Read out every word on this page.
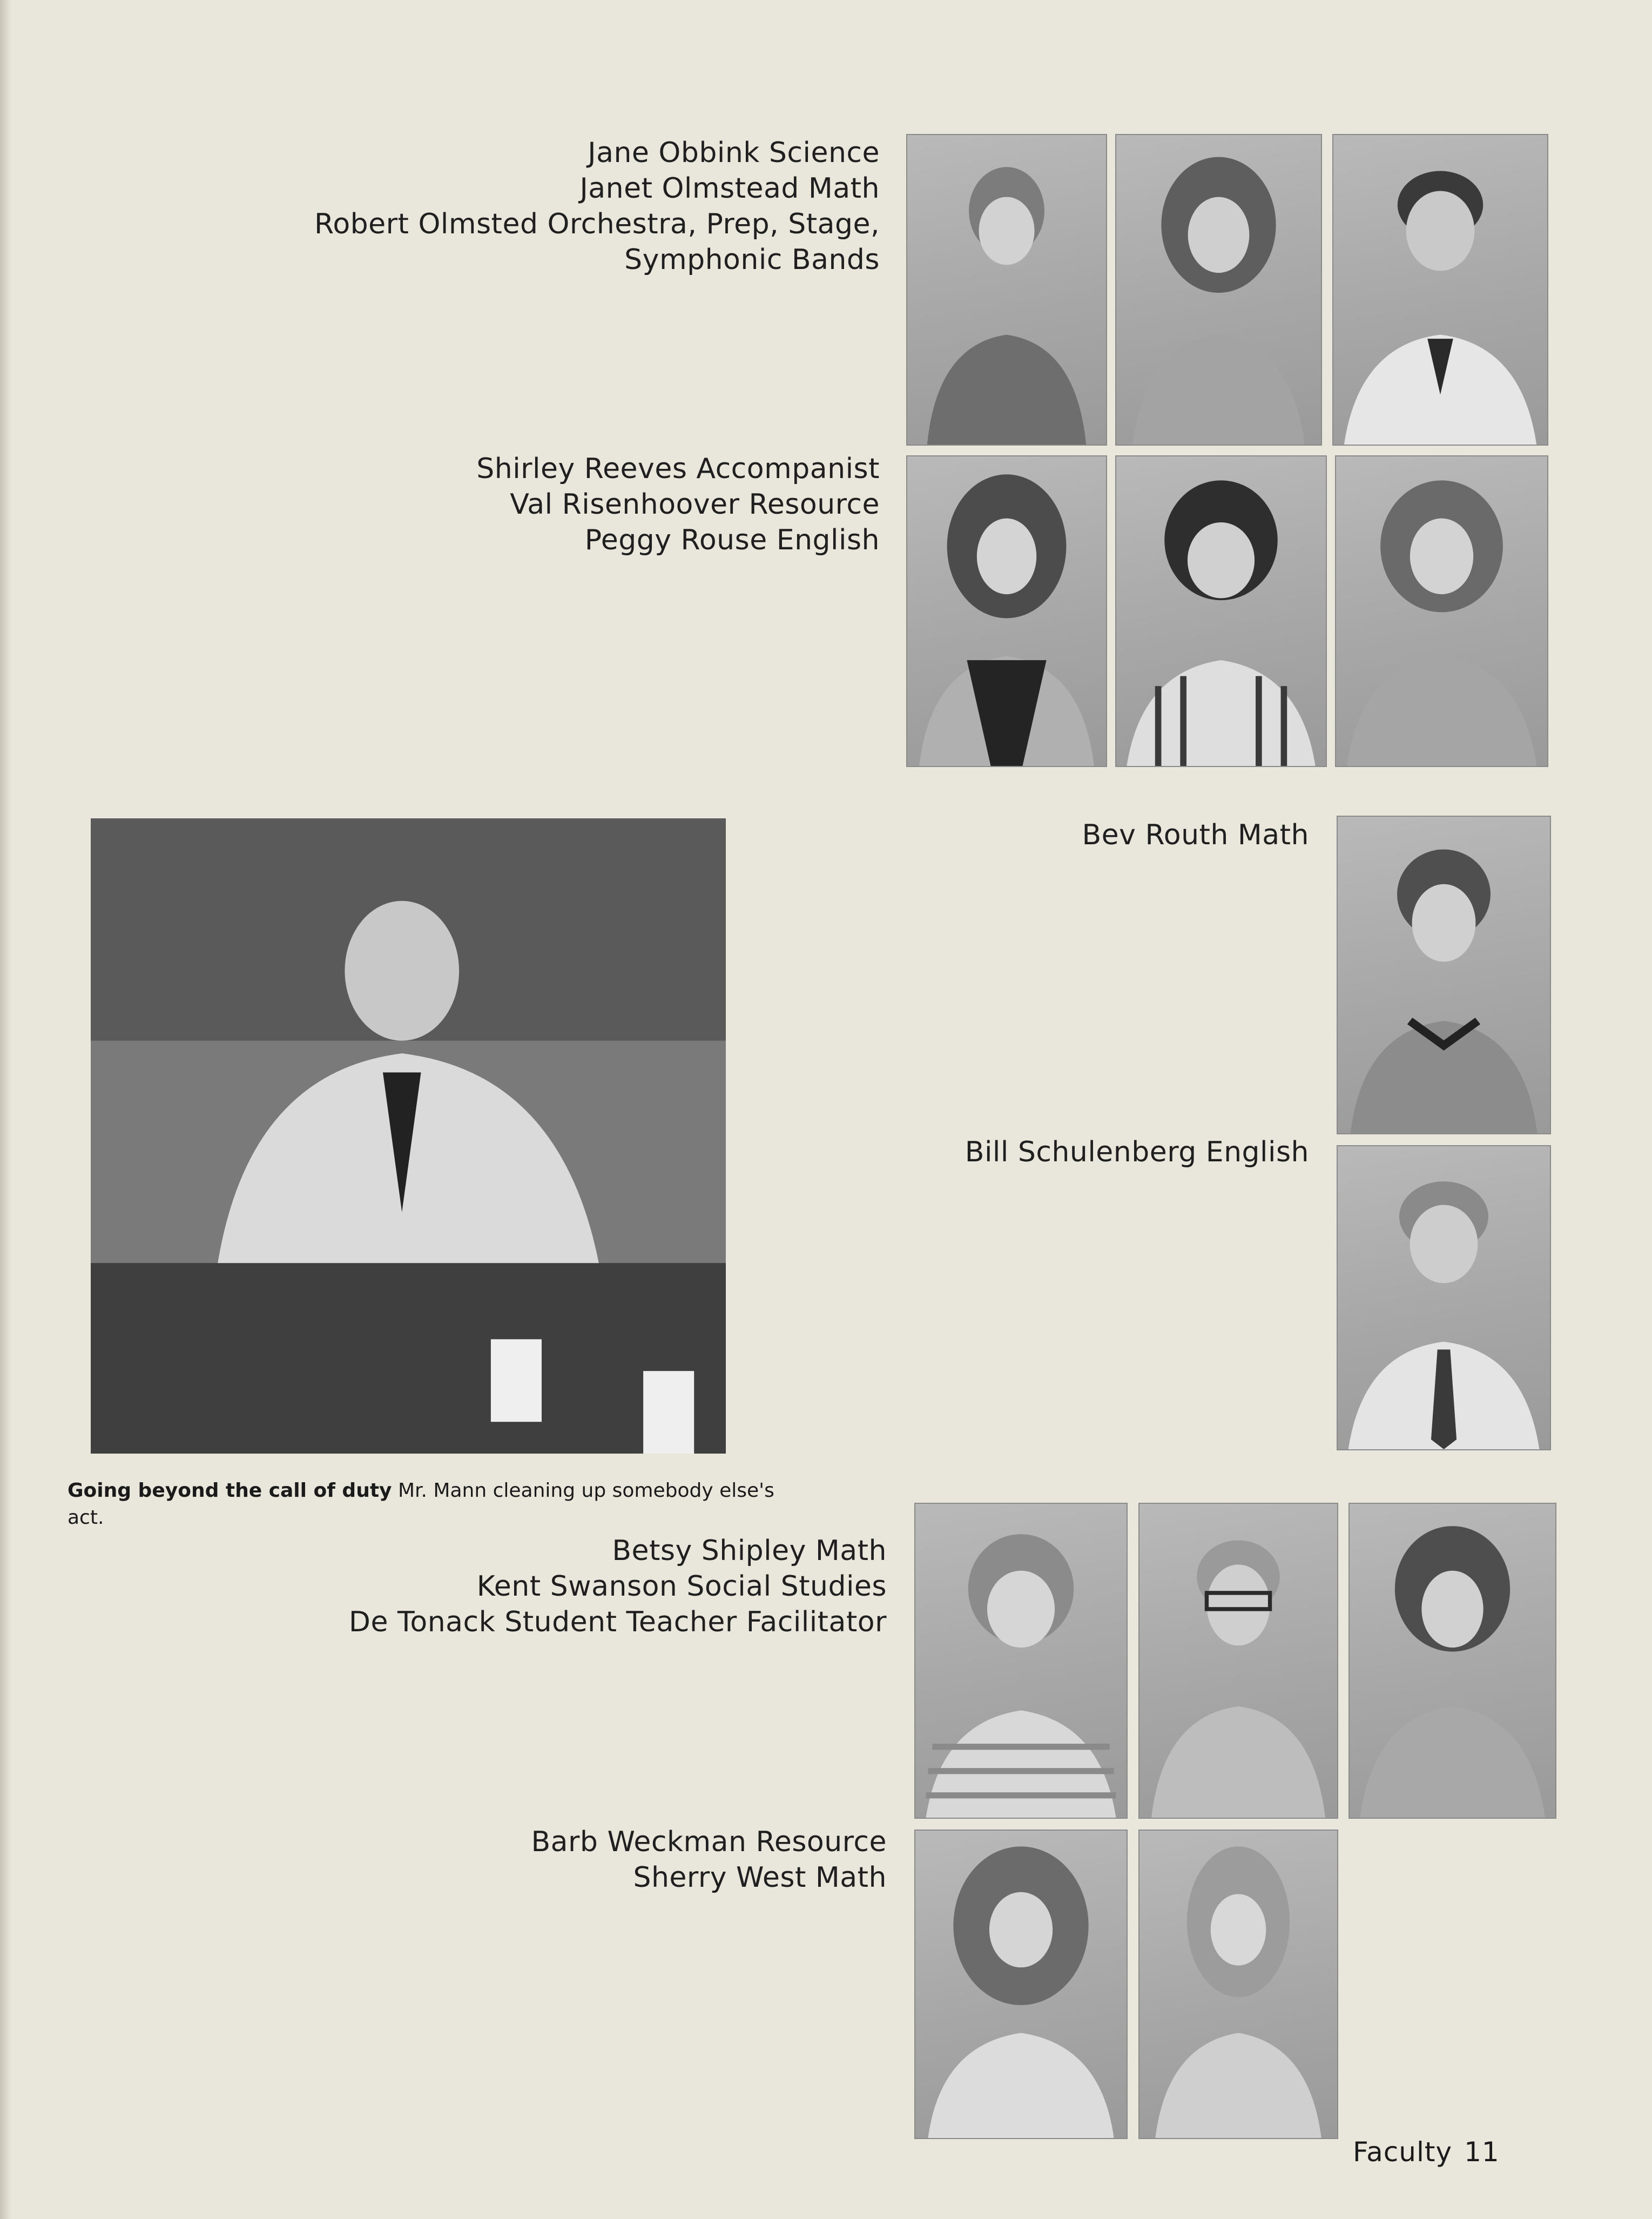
Jane Obbink Science
Janet Olmstead Math
Robert Olmsted Orchestra, Prep, Stage,
Symphonic Bands
Shirley Reeves Accompanist
Val Risenhoover Resource
Peggy Rouse English
Bev Routh Math
Bill Schulenberg English
Betsy Shipley Math
Kent Swanson Social Studies
De Tonack Student Teacher Facilitator
Barb Weckman Resource
Sherry West Math
Going beyond the call of duty Mr. Mann cleaning up somebody else's act.
Faculty 11
